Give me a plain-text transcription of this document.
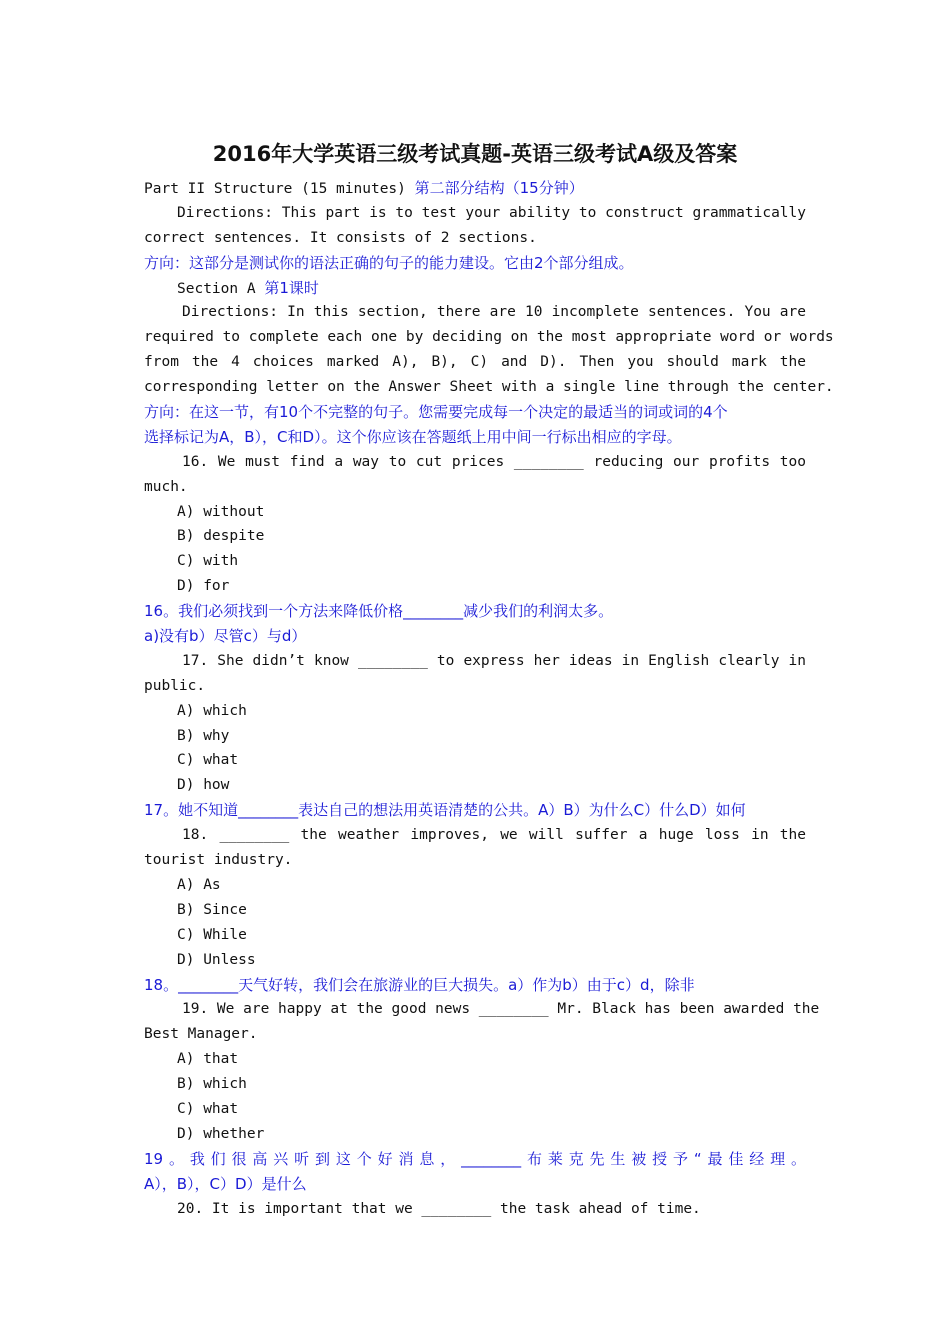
2016年大学英语三级考试真题-英语三级考试A级及答案
Part II Structure (15 minutes) 第二部分结构（15分钟）
Directions: This part is to test your ability to construct grammatically
correct sentences. It consists of 2 sections.
方向：这部分是测试你的语法正确的句子的能力建设。它由2个部分组成。
Section A 第1课时
Directions: In this section, there are 10 incomplete sentences. You are
required to complete each one by deciding on the most appropriate word or words
from the 4 choices marked A), B), C) and D). Then you should mark the
corresponding letter on the Answer Sheet with a single line through the center.
方向：在这一节，有10个不完整的句子。您需要完成每一个决定的最适当的词或词的4个
选择标记为A，B），C和D）。这个你应该在答题纸上用中间一行标出相应的字母。
16. We must find a way to cut prices ________ reducing our profits too
much.
A) without
B) despite
C) with
D) for
16。我们必须找到一个方法来降低价格________减少我们的利润太多。
a)没有b）尽管c）与d）
17. She didn’t know ________ to express her ideas in English clearly in
public.
A) which
B) why
C) what
D) how
17。她不知道________表达自己的想法用英语清楚的公共。A）B）为什么C）什么D）如何
18. ________ the weather improves, we will suffer a huge loss in the
tourist industry.
A) As
B) Since
C) While
D) Unless
18。________天气好转，我们会在旅游业的巨大损失。a）作为b）由于c）d，除非
19. We are happy at the good news ________ Mr. Black has been awarded the
Best Manager.
A) that
B) which
C) what
D) whether
19。我们很高兴听到这个好消息，________布莱克先生被授予“最佳经理。
A），B），C）D）是什么
20. It is important that we ________ the task ahead of time.
